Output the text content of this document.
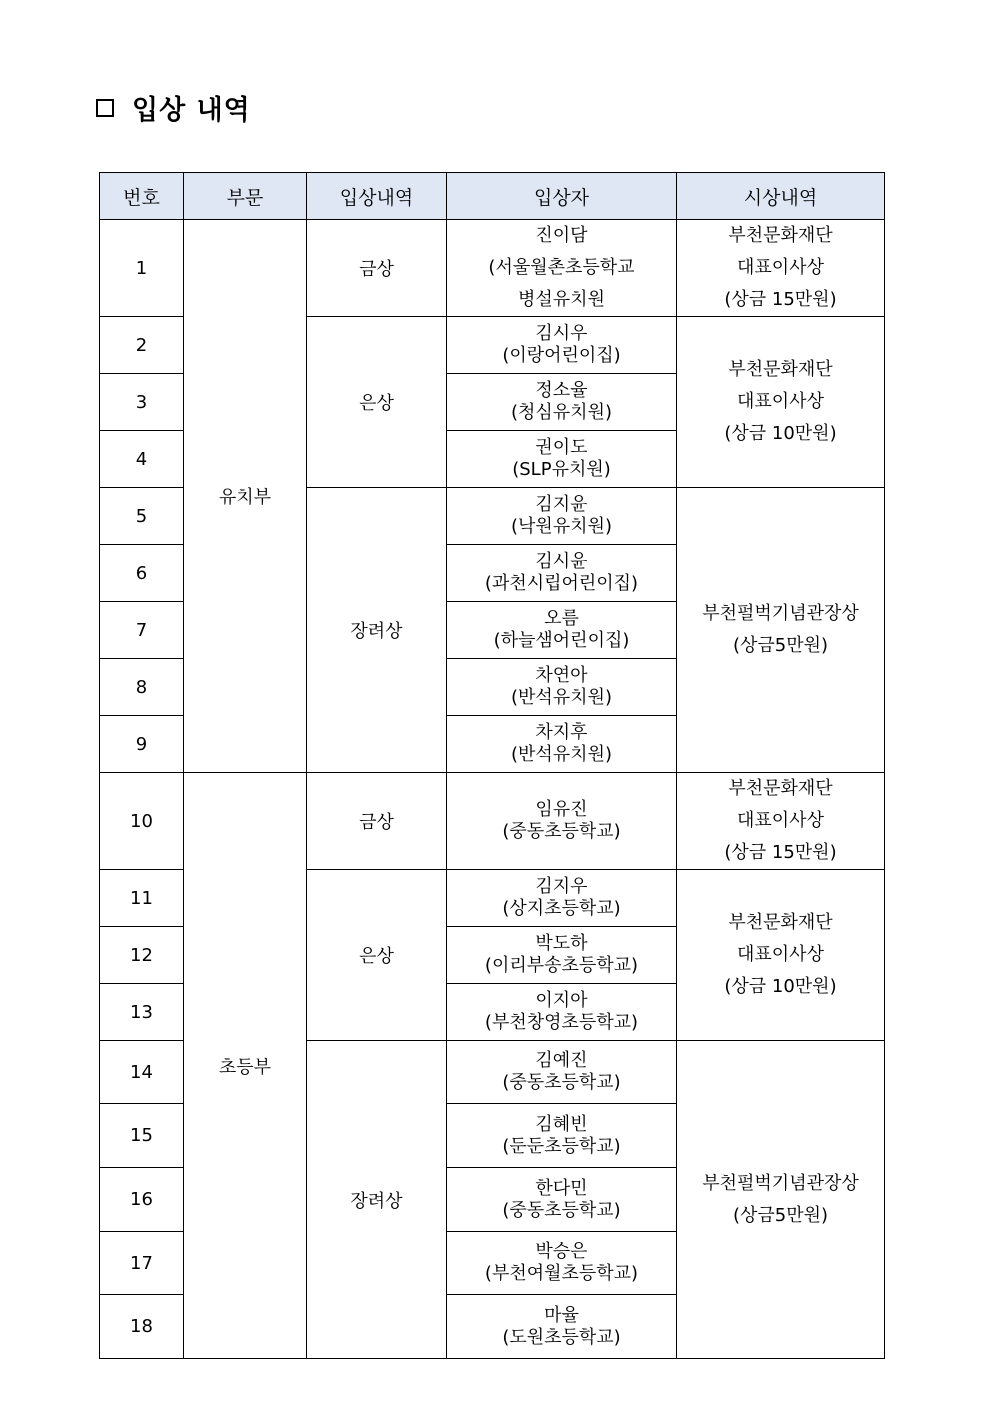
입상 내역
번호	부문	입상내역	입상자	시상내역
1	유치부	금상	진이담
(서울월촌초등학교
병설유치원	부천문화재단
대표이사상
(상금 15만원)

2		은상	김시우
(이랑어린이집)	부천문화재단
대표이사상
(상금 10만원)

3			정소율
(청심유치원)	

4			권이도
(SLP유치원)	

5		장려상	김지윤
(낙원유치원)	부천펄벅기념관장상
(상금5만원)

6			김시윤
(과천시립어린이집)	

7			오름
(하늘샘어린이집)	

8			차연아
(반석유치원)	

9			차지후
(반석유치원)	

10	초등부	금상	임유진
(중동초등학교)	부천문화재단
대표이사상
(상금 15만원)

11		은상	김지우
(상지초등학교)	부천문화재단
대표이사상
(상금 10만원)

12			박도하
(이리부송초등학교)	

13			이지아
(부천창영초등학교)	

14		장려상	김예진
(중동초등학교)	부천펄벅기념관장상
(상금5만원)

15			김혜빈
(둔둔초등학교)	

16			한다민
(중동초등학교)	

17			박승은
(부천여월초등학교)	

18			마율
(도원초등학교)	
